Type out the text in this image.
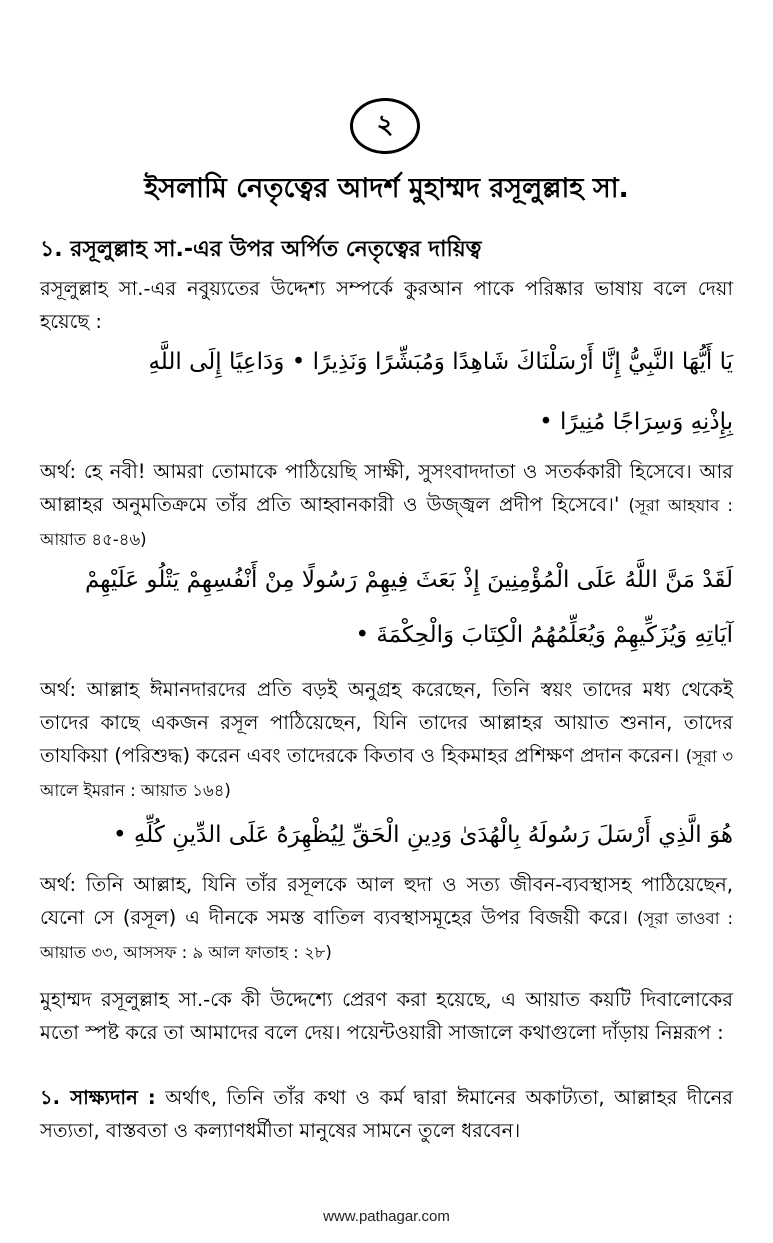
২
ইসলামি নেতৃত্বের আদর্শ মুহাম্মদ রসূলুল্লাহ সা.
১. রসূলুল্লাহ সা.-এর উপর অর্পিত নেতৃত্বের দায়িত্ব

রসূলুল্লাহ সা.-এর নবুয়্যতের উদ্দেশ্য সম্পর্কে কুরআন পাকে পরিষ্কার ভাষায় বলে দেয়া হয়েছে :

يَا أَيُّهَا النَّبِيُّ إِنَّا أَرْسَلْنَاكَ شَاهِدًا وَمُبَشِّرًا وَنَذِيرًا • وَدَاعِيًا إِلَى اللَّهِ

بِإِذْنِهِ وَسِرَاجًا مُنِيرًا •

অর্থ: হে নবী! আমরা তোমাকে পাঠিয়েছি সাক্ষী, সুসংবাদদাতা ও সতর্ককারী হিসেবে। আর আল্লাহর অনুমতিক্রমে তাঁর প্রতি আহ্বানকারী ও উজ্জ্বল প্রদীপ হিসেবে।' (সূরা আহযাব : আয়াত ৪৫-৪৬)

لَقَدْ مَنَّ اللَّهُ عَلَى الْمُؤْمِنِينَ إِذْ بَعَثَ فِيهِمْ رَسُولًا مِنْ أَنْفُسِهِمْ يَتْلُو عَلَيْهِمْ

آيَاتِهِ وَيُزَكِّيهِمْ وَيُعَلِّمُهُمُ الْكِتَابَ وَالْحِكْمَةَ •

অর্থ: আল্লাহ ঈমানদারদের প্রতি বড়ই অনুগ্রহ করেছেন, তিনি স্বয়ং তাদের মধ্য থেকেই তাদের কাছে একজন রসূল পাঠিয়েছেন, যিনি তাদের আল্লাহর আয়াত শুনান, তাদের তাযকিয়া (পরিশুদ্ধ) করেন এবং তাদেরকে কিতাব ও হিকমাহর প্রশিক্ষণ প্রদান করেন। (সূরা ৩ আলে ইমরান : আয়াত ১৬৪)

هُوَ الَّذِي أَرْسَلَ رَسُولَهُ بِالْهُدَىٰ وَدِينِ الْحَقِّ لِيُظْهِرَهُ عَلَى الدِّينِ كُلِّهِ •

অর্থ: তিনি আল্লাহ, যিনি তাঁর রসূলকে আল হুদা ও সত্য জীবন-ব্যবস্থাসহ পাঠিয়েছেন, যেনো সে (রসূল) এ দীনকে সমস্ত বাতিল ব্যবস্থাসমূহের উপর বিজয়ী করে। (সূরা তাওবা : আয়াত ৩৩, আসসফ : ৯ আল ফাতাহ : ২৮)

মুহাম্মদ রসূলুল্লাহ সা.-কে কী উদ্দেশ্যে প্রেরণ করা হয়েছে, এ আয়াত কয়টি দিবালোকের মতো স্পষ্ট করে তা আমাদের বলে দেয়। পয়েন্টওয়ারী সাজালে কথাগুলো দাঁড়ায় নিম্নরূপ :

১. সাক্ষ্যদান : অর্থাৎ, তিনি তাঁর কথা ও কর্ম দ্বারা ঈমানের অকাট্যতা, আল্লাহর দীনের সত্যতা, বাস্তবতা ও কল্যাণধর্মীতা মানুষের সামনে তুলে ধরবেন।

www.pathagar.com
